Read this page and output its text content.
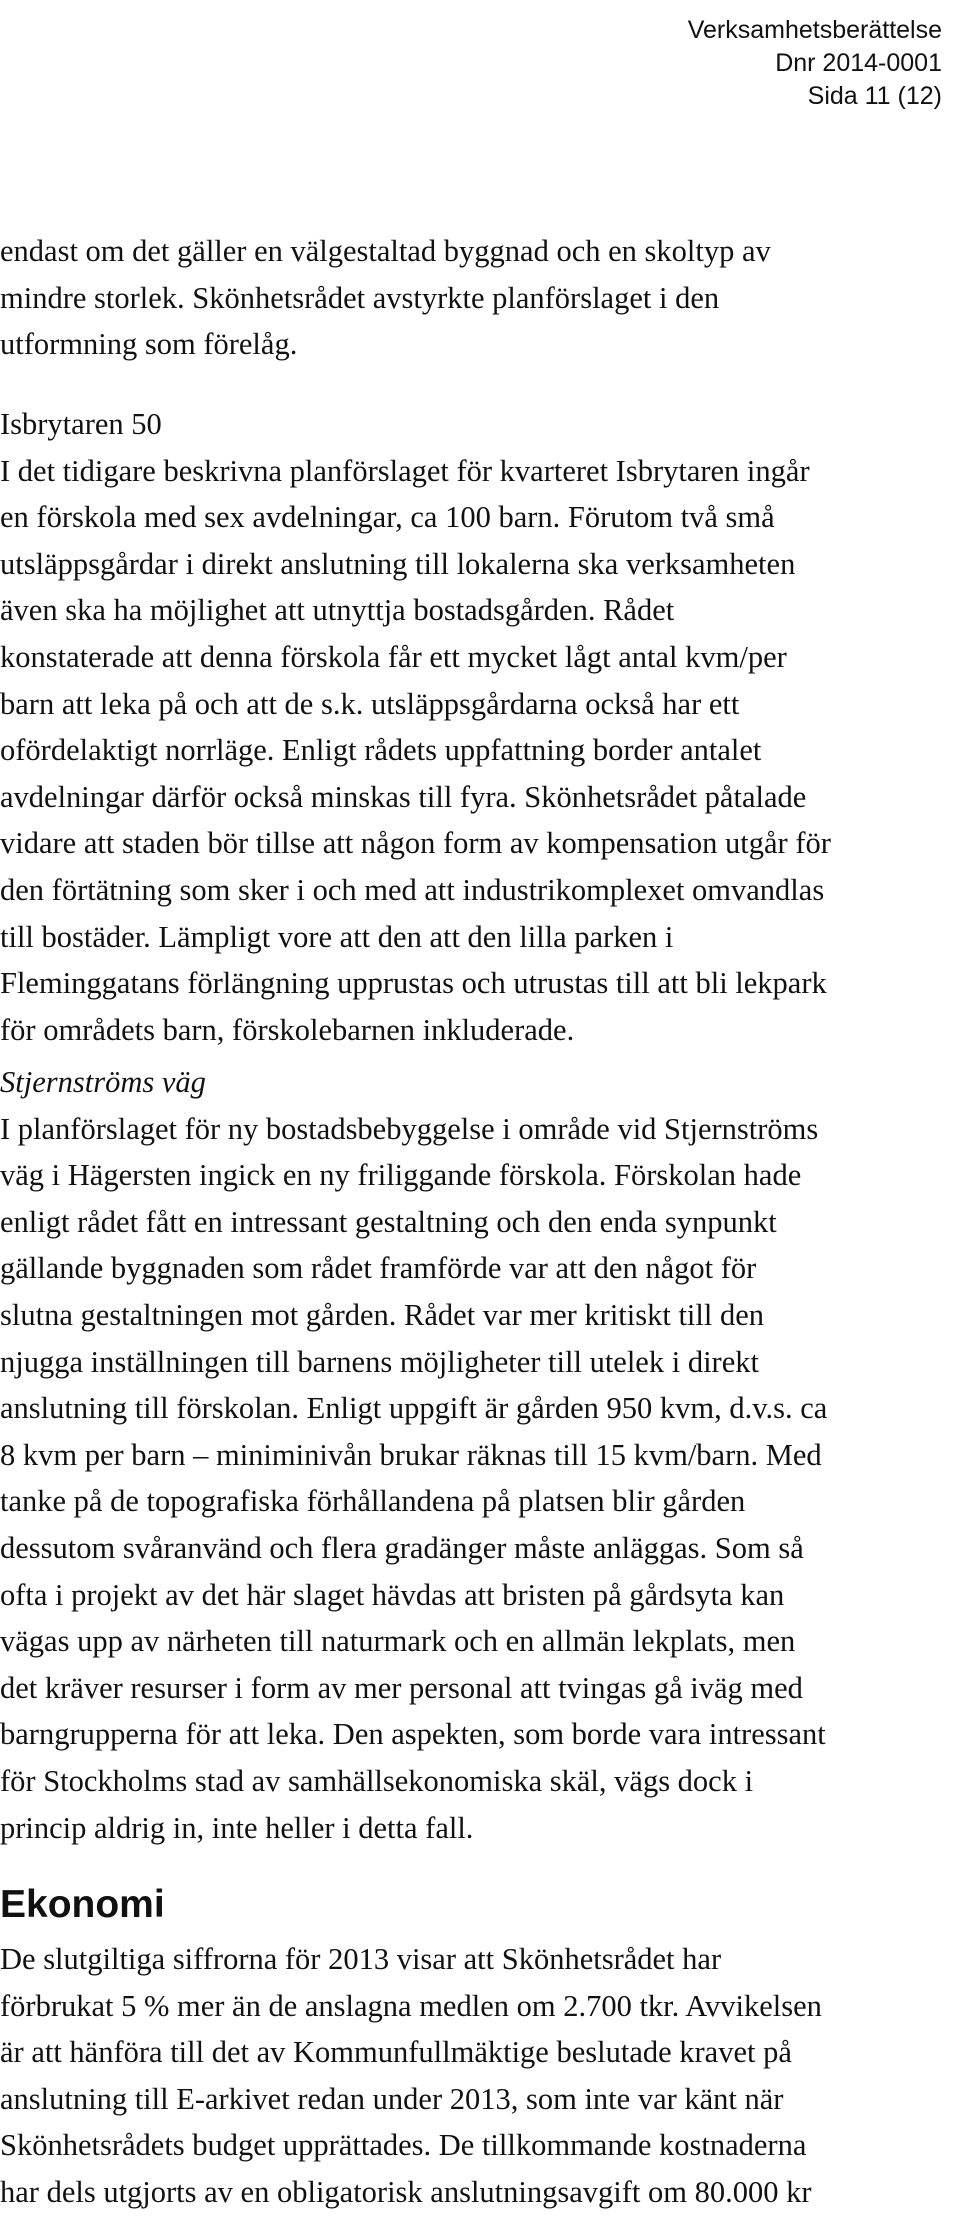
Verksamhetsberättelse
Dnr 2014-0001
Sida 11 (12)
endast om det gäller en välgestaltad byggnad och en skoltyp av
mindre storlek. Skönhetsrådet avstyrkte planförslaget i den
utformning som förelåg.
Isbrytaren 50
I det tidigare beskrivna planförslaget för kvarteret Isbrytaren ingår
en förskola med sex avdelningar, ca 100 barn. Förutom två små
utsläppsgårdar i direkt anslutning till lokalerna ska verksamheten
även ska ha möjlighet att utnyttja bostadsgården. Rådet
konstaterade att denna förskola får ett mycket lågt antal kvm/per
barn att leka på och att de s.k. utsläppsgårdarna också har ett
ofördelaktigt norrläge. Enligt rådets uppfattning border antalet
avdelningar därför också minskas till fyra. Skönhetsrådet påtalade
vidare att staden bör tillse att någon form av kompensation utgår för
den förtätning som sker i och med att industrikomplexet omvandlas
till bostäder. Lämpligt vore att den att den lilla parken i
Fleminggatans förlängning upprustas och utrustas till att bli lekpark
för områdets barn, förskolebarnen inkluderade.
Stjernströms väg
I planförslaget för ny bostadsbebyggelse i område vid Stjernströms
väg i Hägersten ingick en ny friliggande förskola. Förskolan hade
enligt rådet fått en intressant gestaltning och den enda synpunkt
gällande byggnaden som rådet framförde var att den något för
slutna gestaltningen mot gården. Rådet var mer kritiskt till den
njugga inställningen till barnens möjligheter till utelek i direkt
anslutning till förskolan. Enligt uppgift är gården 950 kvm, d.v.s. ca
8 kvm per barn – miniminivån brukar räknas till 15 kvm/barn. Med
tanke på de topografiska förhållandena på platsen blir gården
dessutom svåranvänd och flera gradänger måste anläggas. Som så
ofta i projekt av det här slaget hävdas att bristen på gårdsyta kan
vägas upp av närheten till naturmark och en allmän lekplats, men
det kräver resurser i form av mer personal att tvingas gå iväg med
barngrupperna för att leka. Den aspekten, som borde vara intressant
för Stockholms stad av samhällsekonomiska skäl, vägs dock i
princip aldrig in, inte heller i detta fall.
Ekonomi
De slutgiltiga siffrorna för 2013 visar att Skönhetsrådet har
förbrukat 5 % mer än de anslagna medlen om 2.700 tkr. Avvikelsen
är att hänföra till det av Kommunfullmäktige beslutade kravet på
anslutning till E-arkivet redan under 2013, som inte var känt när
Skönhetsrådets budget upprättades. De tillkommande kostnaderna
har dels utgjorts av en obligatorisk anslutningsavgift om 80.000 kr
